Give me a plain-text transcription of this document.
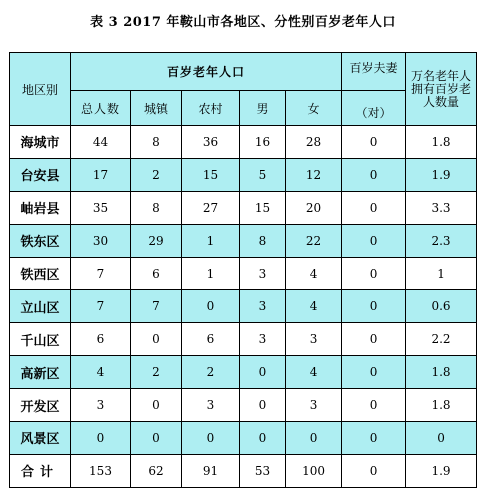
表 3 2017 年鞍山市各地区、分性别百岁老年人口
地区别	百岁老年人口					百岁夫妻	万名老年人
拥有百岁老
人数量

	总人数	城镇	农村	男	女	（对）	
海城市	44	8	36	16	28	0	1.8
台安县	17	2	15	5	12	0	1.9
岫岩县	35	8	27	15	20	0	3.3
铁东区	30	29	1	8	22	0	2.3
铁西区	7	6	1	3	4	0	1
立山区	7	7	0	3	4	0	0.6
千山区	6	0	6	3	3	0	2.2
高新区	4	2	2	0	4	0	1.8
开发区	3	0	3	0	3	0	1.8
风景区	0	0	0	0	0	0	0
合计	153	62	91	53	100	0	1.9
